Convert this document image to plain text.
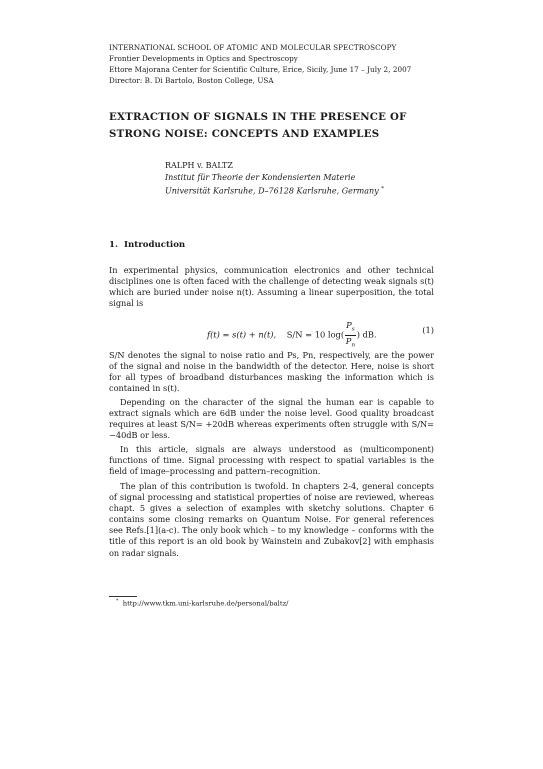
INTERNATIONAL SCHOOL OF ATOMIC AND MOLECULAR SPECTROSCOPY
Frontier Developments in Optics and Spectroscopy
Ettore Majorana Center for Scientific Culture, Erice, Sicily, June 17 – July 2, 2007
Director: B. Di Bartolo, Boston College, USA
EXTRACTION OF SIGNALS IN THE PRESENCE OF
STRONG NOISE: CONCEPTS AND EXAMPLES
RALPH v. BALTZ
Institut für Theorie der Kondensierten Materie
Universität Karlsruhe, D–76128 Karlsruhe, Germany *
1. Introduction
In experimental physics, communication electronics and other technical disciplines one is often faced with the challenge of detecting weak signals s(t) which are buried under noise n(t). Assuming a linear superposition, the total signal is
f(t) = s(t) + n(t), S/N = 10 $\log( \frac{P_s}{P_n}$ ) dB.	(1)
S/N denotes the signal to noise ratio and Ps, Pn, respectively, are the power of the signal and noise in the bandwidth of the detector. Here, noise is short for all types of broadband disturbances masking the information which is contained in s(t).
Depending on the character of the signal the human ear is capable to extract signals which are 6dB under the noise level. Good quality broadcast requires at least S/N= +20dB whereas experiments often struggle with S/N= −40dB or less.
In this article, signals are always understood as (multicomponent) functions of time. Signal processing with respect to spatial variables is the field of image–processing and pattern–recognition.
The plan of this contribution is twofold. In chapters 2-4, general concepts of signal processing and statistical properties of noise are reviewed, whereas chapt. 5 gives a selection of examples with sketchy solutions. Chapter 6 contains some closing remarks on Quantum Noise. For general references see Refs.[1](a-c). The only book which – to my knowledge – conforms with the title of this report is an old book by Wainstein and Zubakov[2] with emphasis on radar signals.
* http://www.tkm.uni-karlsruhe.de/personal/baltz/
